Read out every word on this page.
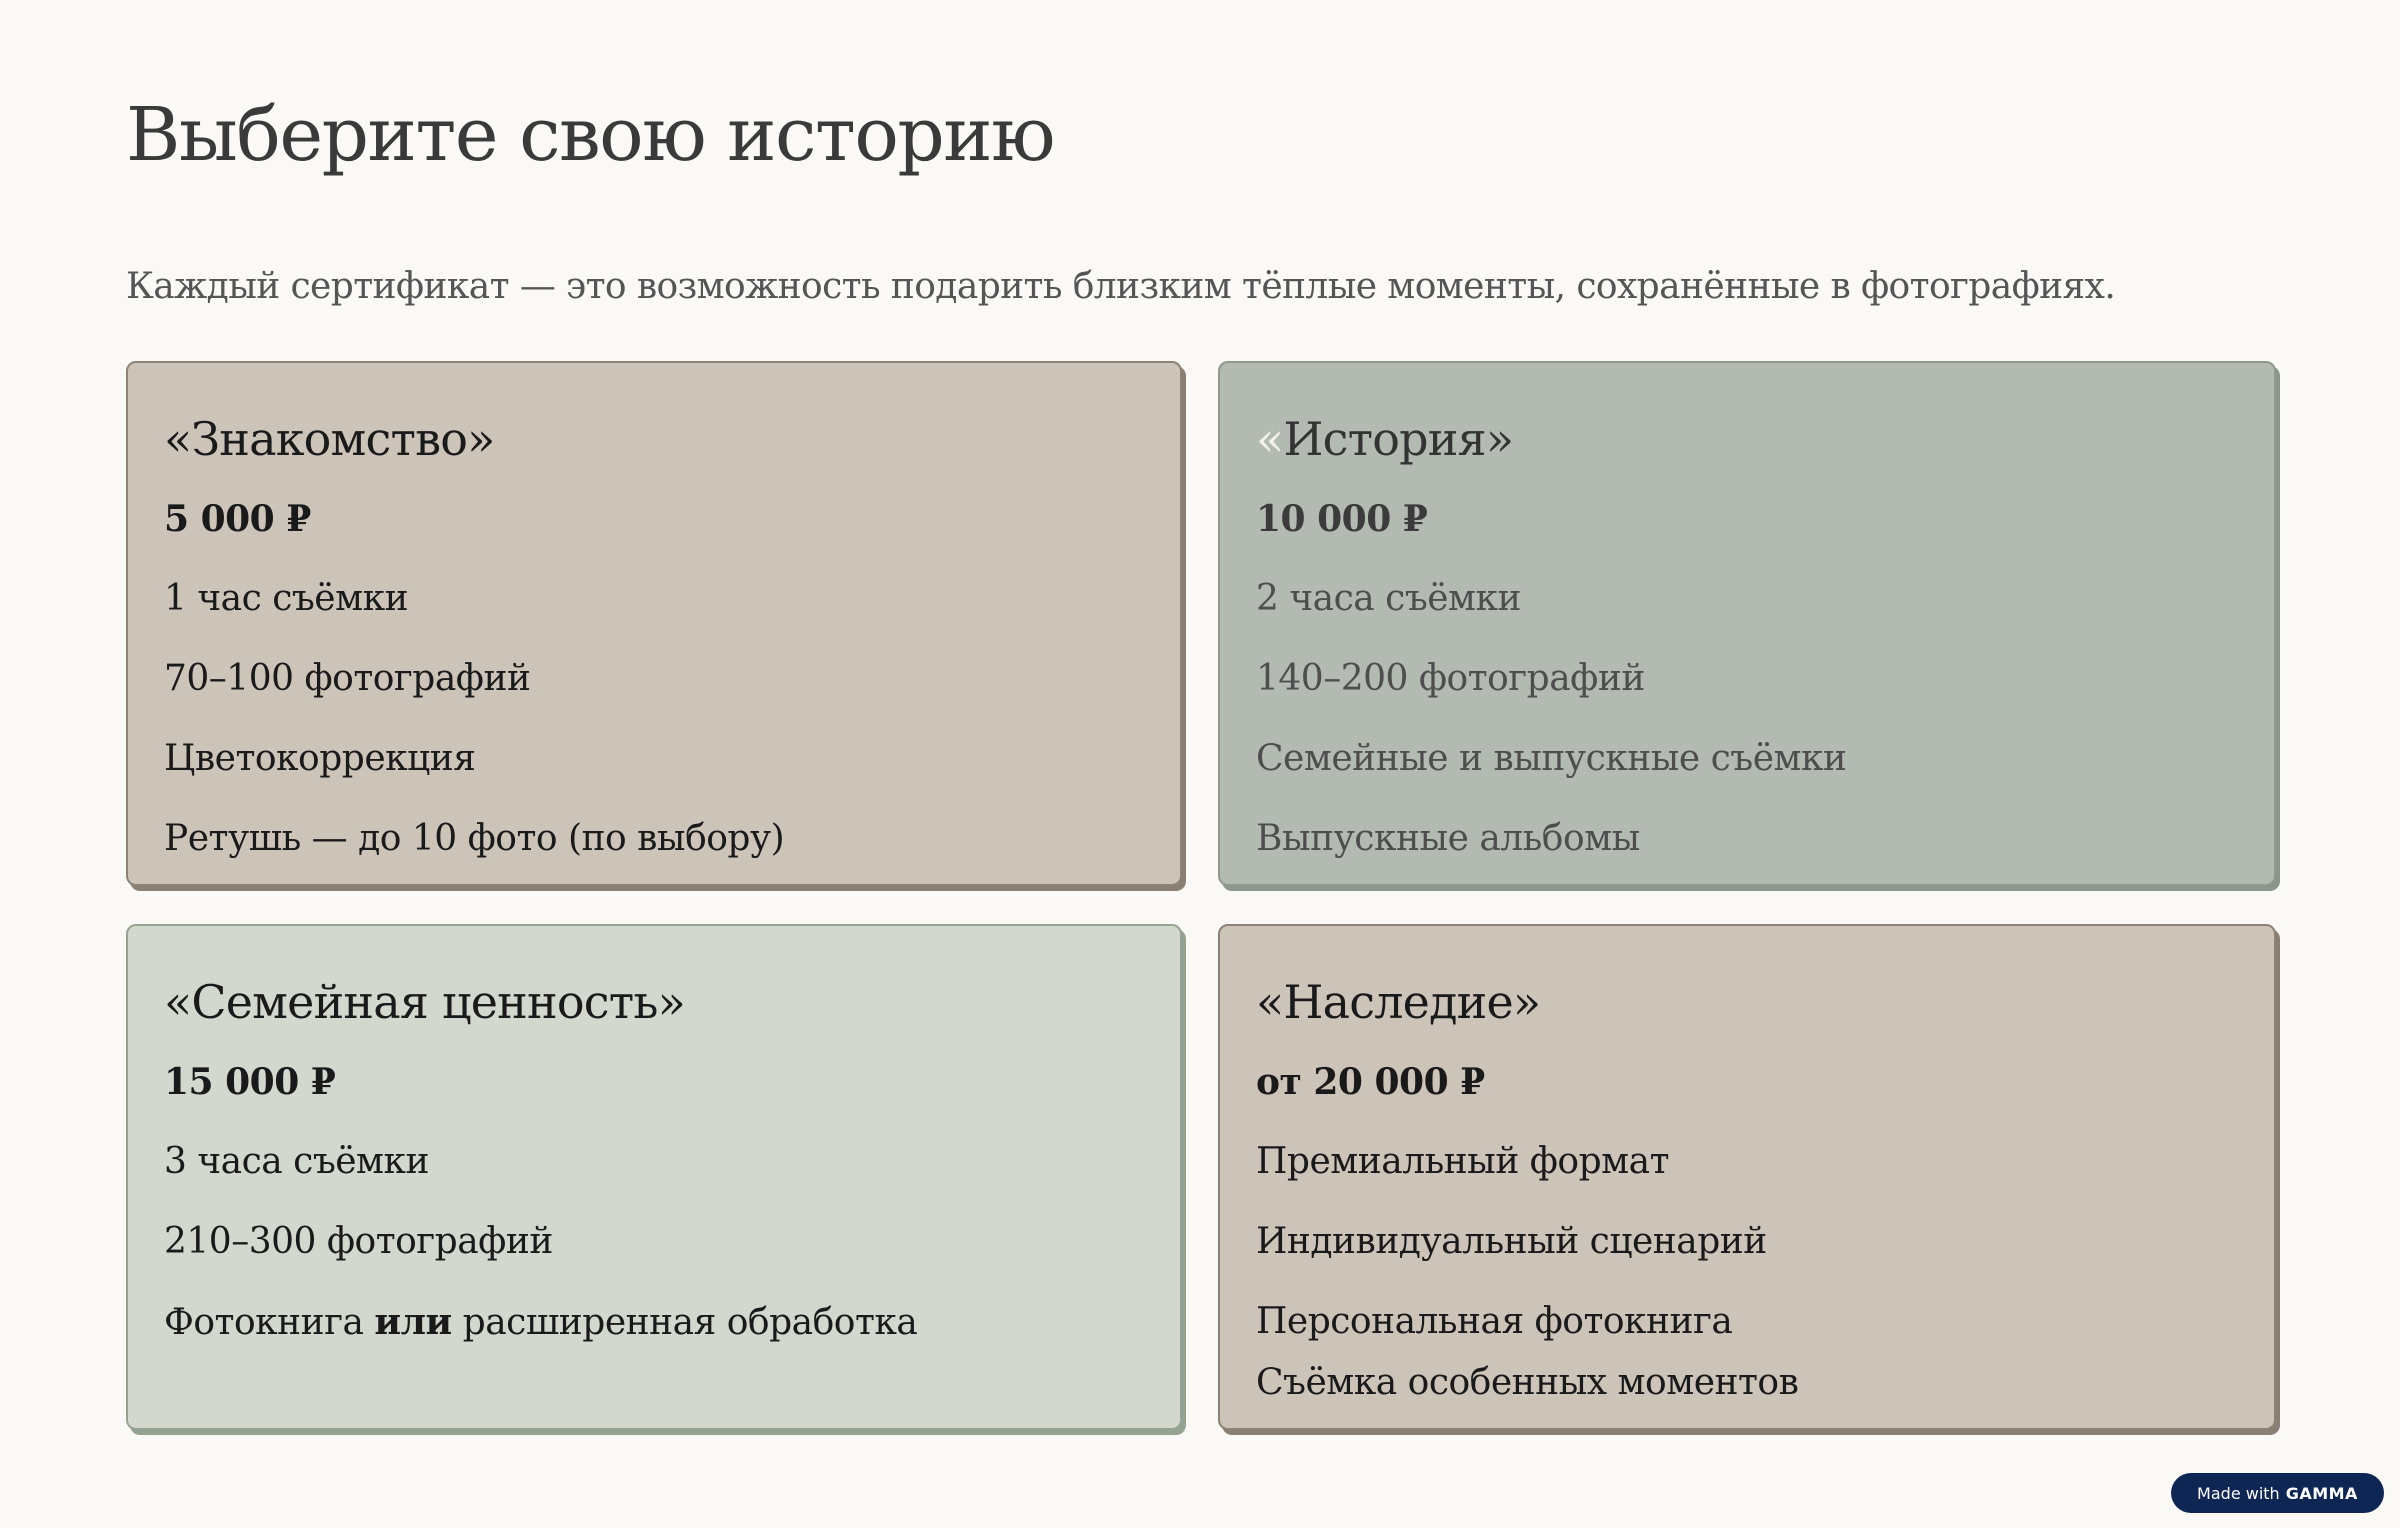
Выберите свою историю

Каждый сертификат — это возможность подарить близким тёплые моменты, сохранённые в фотографиях.

«Знакомство»

5 000 ₽

1 час съёмки
70–100 фотографий
Цветокоррекция
Ретушь — до 10 фото (по выбору)
«История»

10 000 ₽

2 часа съёмки
140–200 фотографий
Семейные и выпускные съёмки
Выпускные альбомы
«Семейная ценность»

15 000 ₽

3 часа съёмки
210–300 фотографий
Фотокнига или расширенная обработка
«Наследие»

от 20 000 ₽

Премиальный формат
Индивидуальный сценарий
Персональная фотокнига
Съёмка особенных моментов
Made with GAMMA
